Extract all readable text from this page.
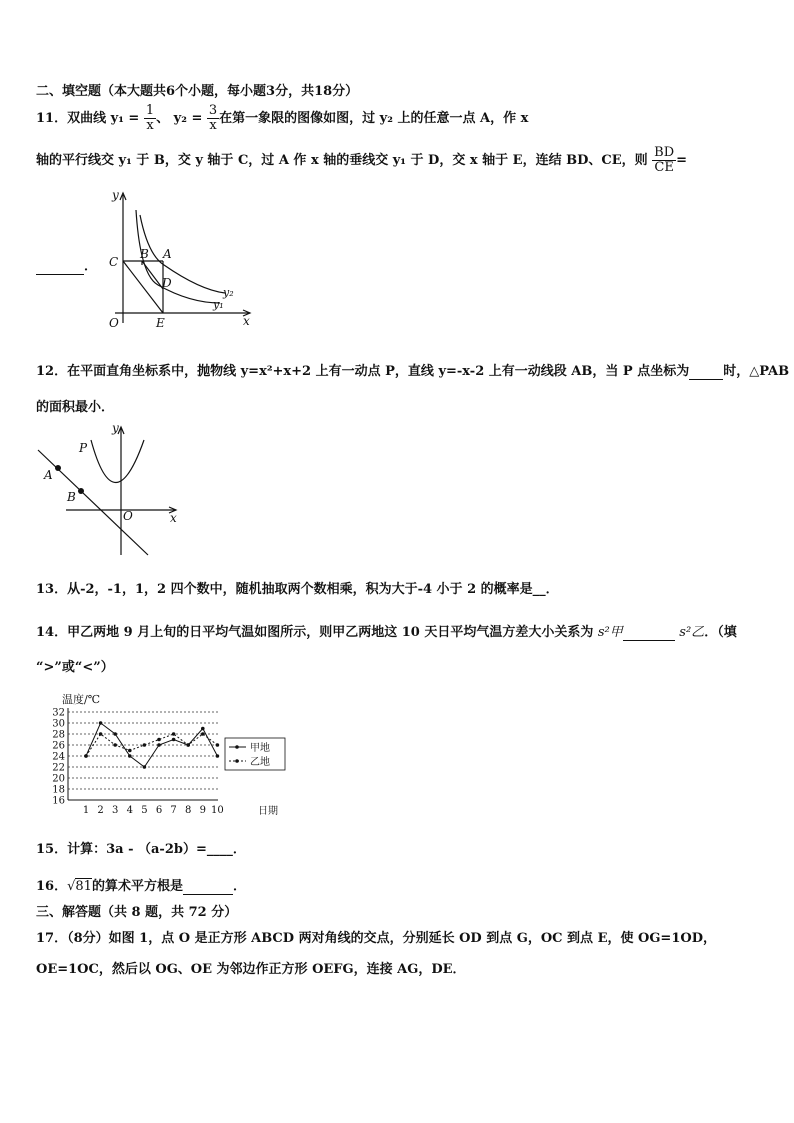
二、填空题（本大题共6个小题，每小题3分，共18分）
11．双曲线 $y_1 = \frac{1}{x}$ 、 $y_2 = \frac{3}{x}$ 在第一象限的图像如图，过 y₂ 上的任意一点 A，作 x
轴的平行线交 y₁ 于 B，交 y 轴于 C，过 A 作 x 轴的垂线交 y₁ 于 D，交 x 轴于 E，连结 BD、CE，则 $\frac{BD}{CE}$ =
．
y
x
O
C
B A
D
E
y₂
y₁
12．在平面直角坐标系中，抛物线 y=x²+x+2 上有一动点 P，直线 y=-x-2 上有一动线段 AB，当 P 点坐标为	时，△PAB
的面积最小．
y
x
O
P
A
B
13．从-2，-1，1，2 四个数中，随机抽取两个数相乘，积为大于-4 小于 2 的概率是__．
14．甲乙两地 9 月上旬的日平均气温如图所示，则甲乙两地这 10 天日平均气温方差大小关系为 s²甲	s²乙．（填
“>”或“<”）
温度/℃
16
18
20
22
24
26
28
30
32
1 2 3 4 5 6 7 8 9 10
甲地
乙地
日期
15．计算：3a - （a-2b）=____．
16．√81的算术平方根是	．
三、解答题（共 8 题，共 72 分）
17．（8分）如图 1，点 O 是正方形 ABCD 两对角线的交点，分别延长 OD 到点 G，OC 到点 E，使 OG=1OD，
OE=1OC，然后以 OG、OE 为邻边作正方形 OEFG，连接 AG，DE．
